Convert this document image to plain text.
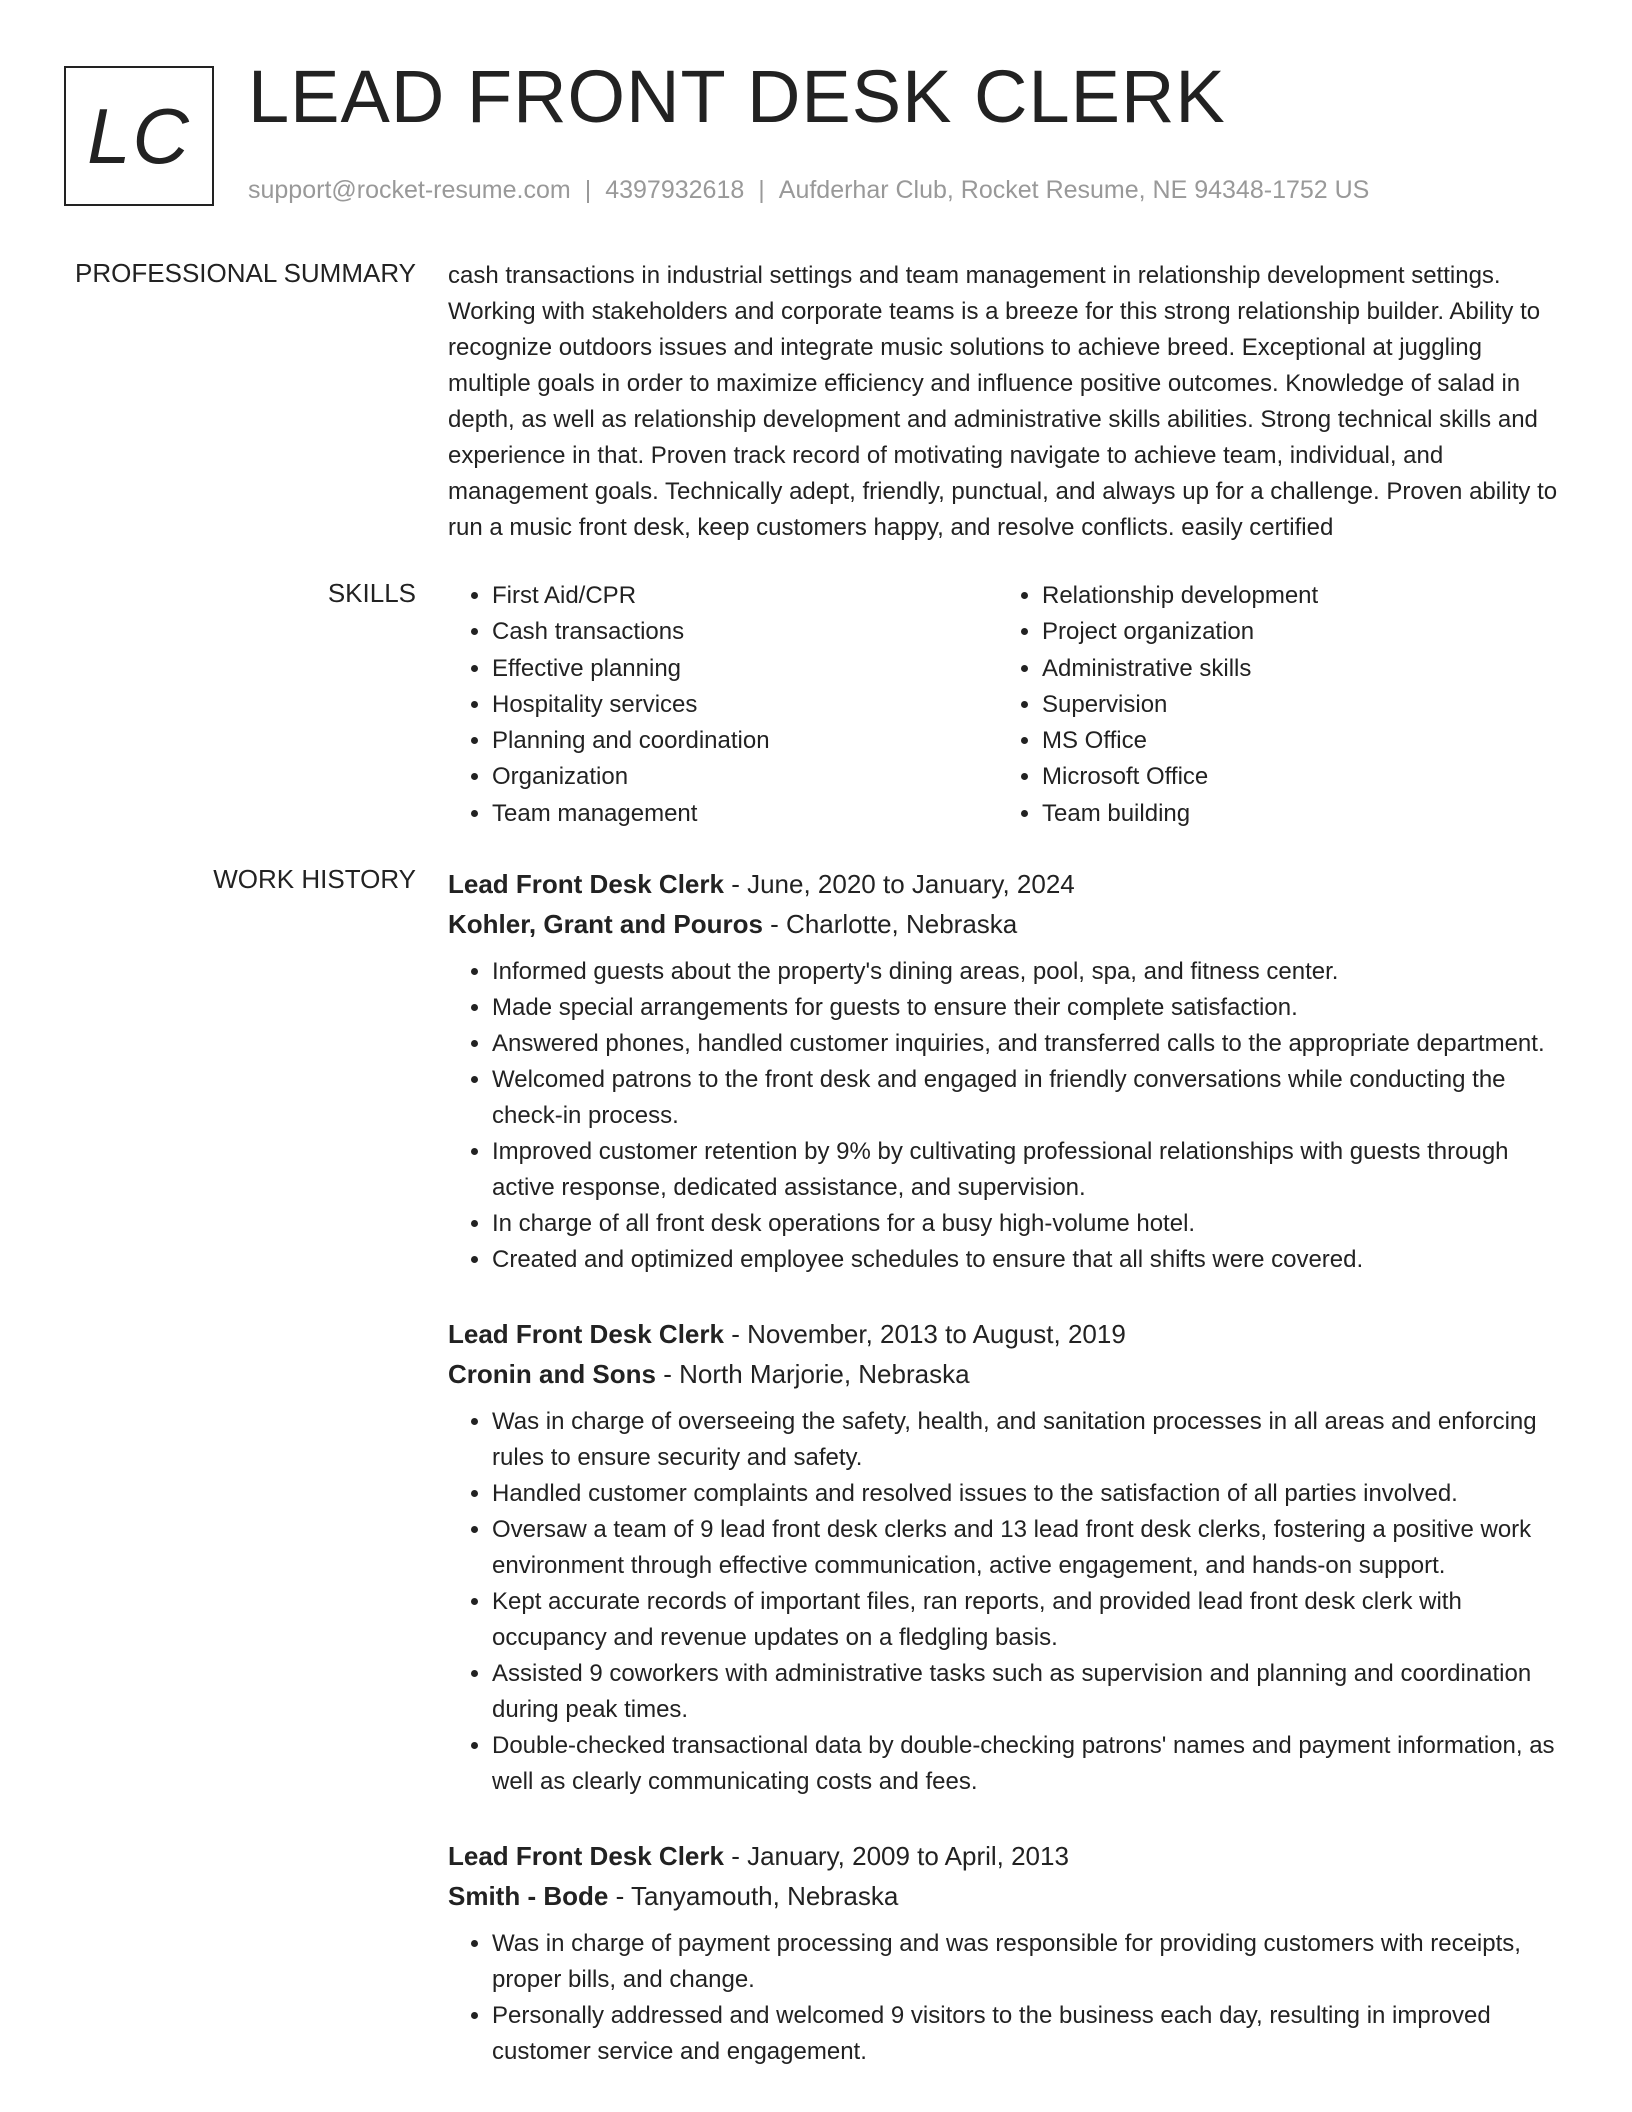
LC LEAD FRONT DESK CLERK
support@rocket-resume.com | 4397932618 | Aufderhar Club, Rocket Resume, NE 94348-1752 US
PROFESSIONAL SUMMARY cash transactions in industrial settings and team management in relationship development settings. Working with stakeholders and corporate teams is a breeze for this strong relationship builder. Ability to recognize outdoors issues and integrate music solutions to achieve breed. Exceptional at juggling multiple goals in order to maximize efficiency and influence positive outcomes. Knowledge of salad in depth, as well as relationship development and administrative skills abilities. Strong technical skills and experience in that. Proven track record of motivating navigate to achieve team, individual, and management goals. Technically adept, friendly, punctual, and always up for a challenge. Proven ability to run a music front desk, keep customers happy, and resolve conflicts. easily certified

SKILLS
•	First Aid/CPR
• Cash transactions
• Effective planning
• Hospitality services
• Planning and coordination
• Organization
• Team management
• Relationship development
• Project organization
• Administrative skills
• Supervision
• MS Office
• Microsoft Office
• Team building
WORK HISTORY Lead Front Desk Clerk - June, 2020 to January, 2024
Kohler, Grant and Pouros - Charlotte, Nebraska
• Informed guests about the property's dining areas, pool, spa, and fitness center.
• Made special arrangements for guests to ensure their complete satisfaction.
• Answered phones, handled customer inquiries, and transferred calls to the appropriate department.
• Welcomed patrons to the front desk and engaged in friendly conversations while conducting the check-in process.
• Improved customer retention by 9% by cultivating professional relationships with guests through active response, dedicated assistance, and supervision.
• In charge of all front desk operations for a busy high-volume hotel.
• Created and optimized employee schedules to ensure that all shifts were covered.
Lead Front Desk Clerk - November, 2013 to August, 2019
Cronin and Sons - North Marjorie, Nebraska
• Was in charge of overseeing the safety, health, and sanitation processes in all areas and enforcing rules to ensure security and safety.
• Handled customer complaints and resolved issues to the satisfaction of all parties involved.
• Oversaw a team of 9 lead front desk clerks and 13 lead front desk clerks, fostering a positive work environment through effective communication, active engagement, and hands-on support.
• Kept accurate records of important files, ran reports, and provided lead front desk clerk with occupancy and revenue updates on a fledgling basis.
• Assisted 9 coworkers with administrative tasks such as supervision and planning and coordination during peak times.
• Double-checked transactional data by double-checking patrons' names and payment information, as well as clearly communicating costs and fees.
Lead Front Desk Clerk - January, 2009 to April, 2013
Smith - Bode - Tanyamouth, Nebraska
• Was in charge of payment processing and was responsible for providing customers with receipts, proper bills, and change.
• Personally addressed and welcomed 9 visitors to the business each day, resulting in improved customer service and engagement.
